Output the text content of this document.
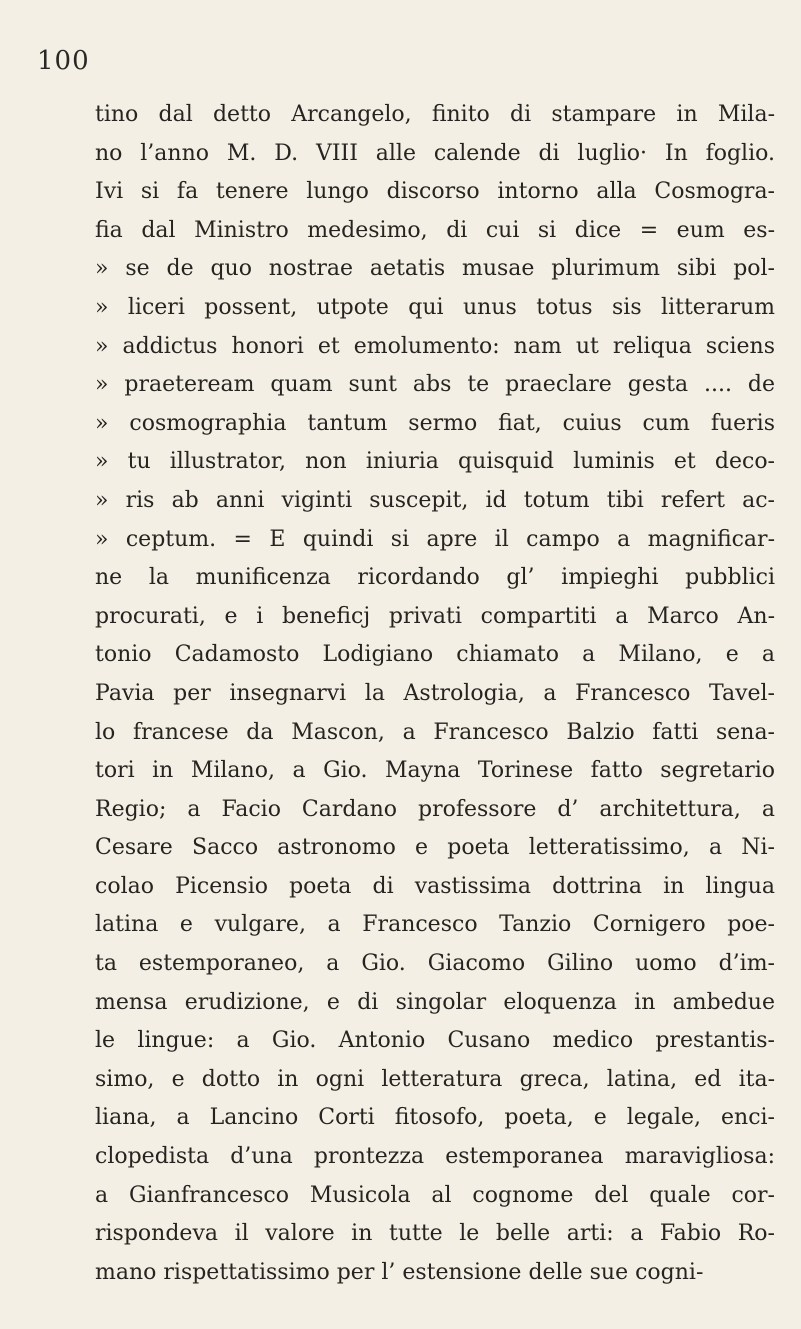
100
tino dal detto Arcangelo, finito di stampare in Mila-
no l’anno M. D. VIII alle calende di luglio· In foglio.
Ivi si fa tenere lungo discorso intorno alla Cosmogra-
fia dal Ministro medesimo, di cui si dice = eum es-
» se de quo nostrae aetatis musae plurimum sibi pol-
» liceri possent, utpote qui unus totus sis litterarum
» addictus honori et emolumento: nam ut reliqua sciens
» praeteream quam sunt abs te praeclare gesta .... de
» cosmographia tantum sermo fiat, cuius cum fueris
» tu illustrator, non iniuria quisquid luminis et deco-
» ris ab anni viginti suscepit, id totum tibi refert ac-
» ceptum. = E quindi si apre il campo a magnificar-
ne la munificenza ricordando gl’ impieghi pubblici
procurati, e i beneficj privati compartiti a Marco An-
tonio Cadamosto Lodigiano chiamato a Milano, e a
Pavia per insegnarvi la Astrologia, a Francesco Tavel-
lo francese da Mascon, a Francesco Balzio fatti sena-
tori in Milano, a Gio. Mayna Torinese fatto segretario
Regio; a Facio Cardano professore d’ architettura, a
Cesare Sacco astronomo e poeta letteratissimo, a Ni-
colao Picensio poeta di vastissima dottrina in lingua
latina e vulgare, a Francesco Tanzio Cornigero poe-
ta estemporaneo, a Gio. Giacomo Gilino uomo d’im-
mensa erudizione, e di singolar eloquenza in ambedue
le lingue: a Gio. Antonio Cusano medico prestantis-
simo, e dotto in ogni letteratura greca, latina, ed ita-
liana, a Lancino Corti fitosofo, poeta, e legale, enci-
clopedista d’una prontezza estemporanea maravigliosa:
a Gianfrancesco Musicola al cognome del quale cor-
rispondeva il valore in tutte le belle arti: a Fabio Ro-
mano rispettatissimo per l’ estensione delle sue cogni-
